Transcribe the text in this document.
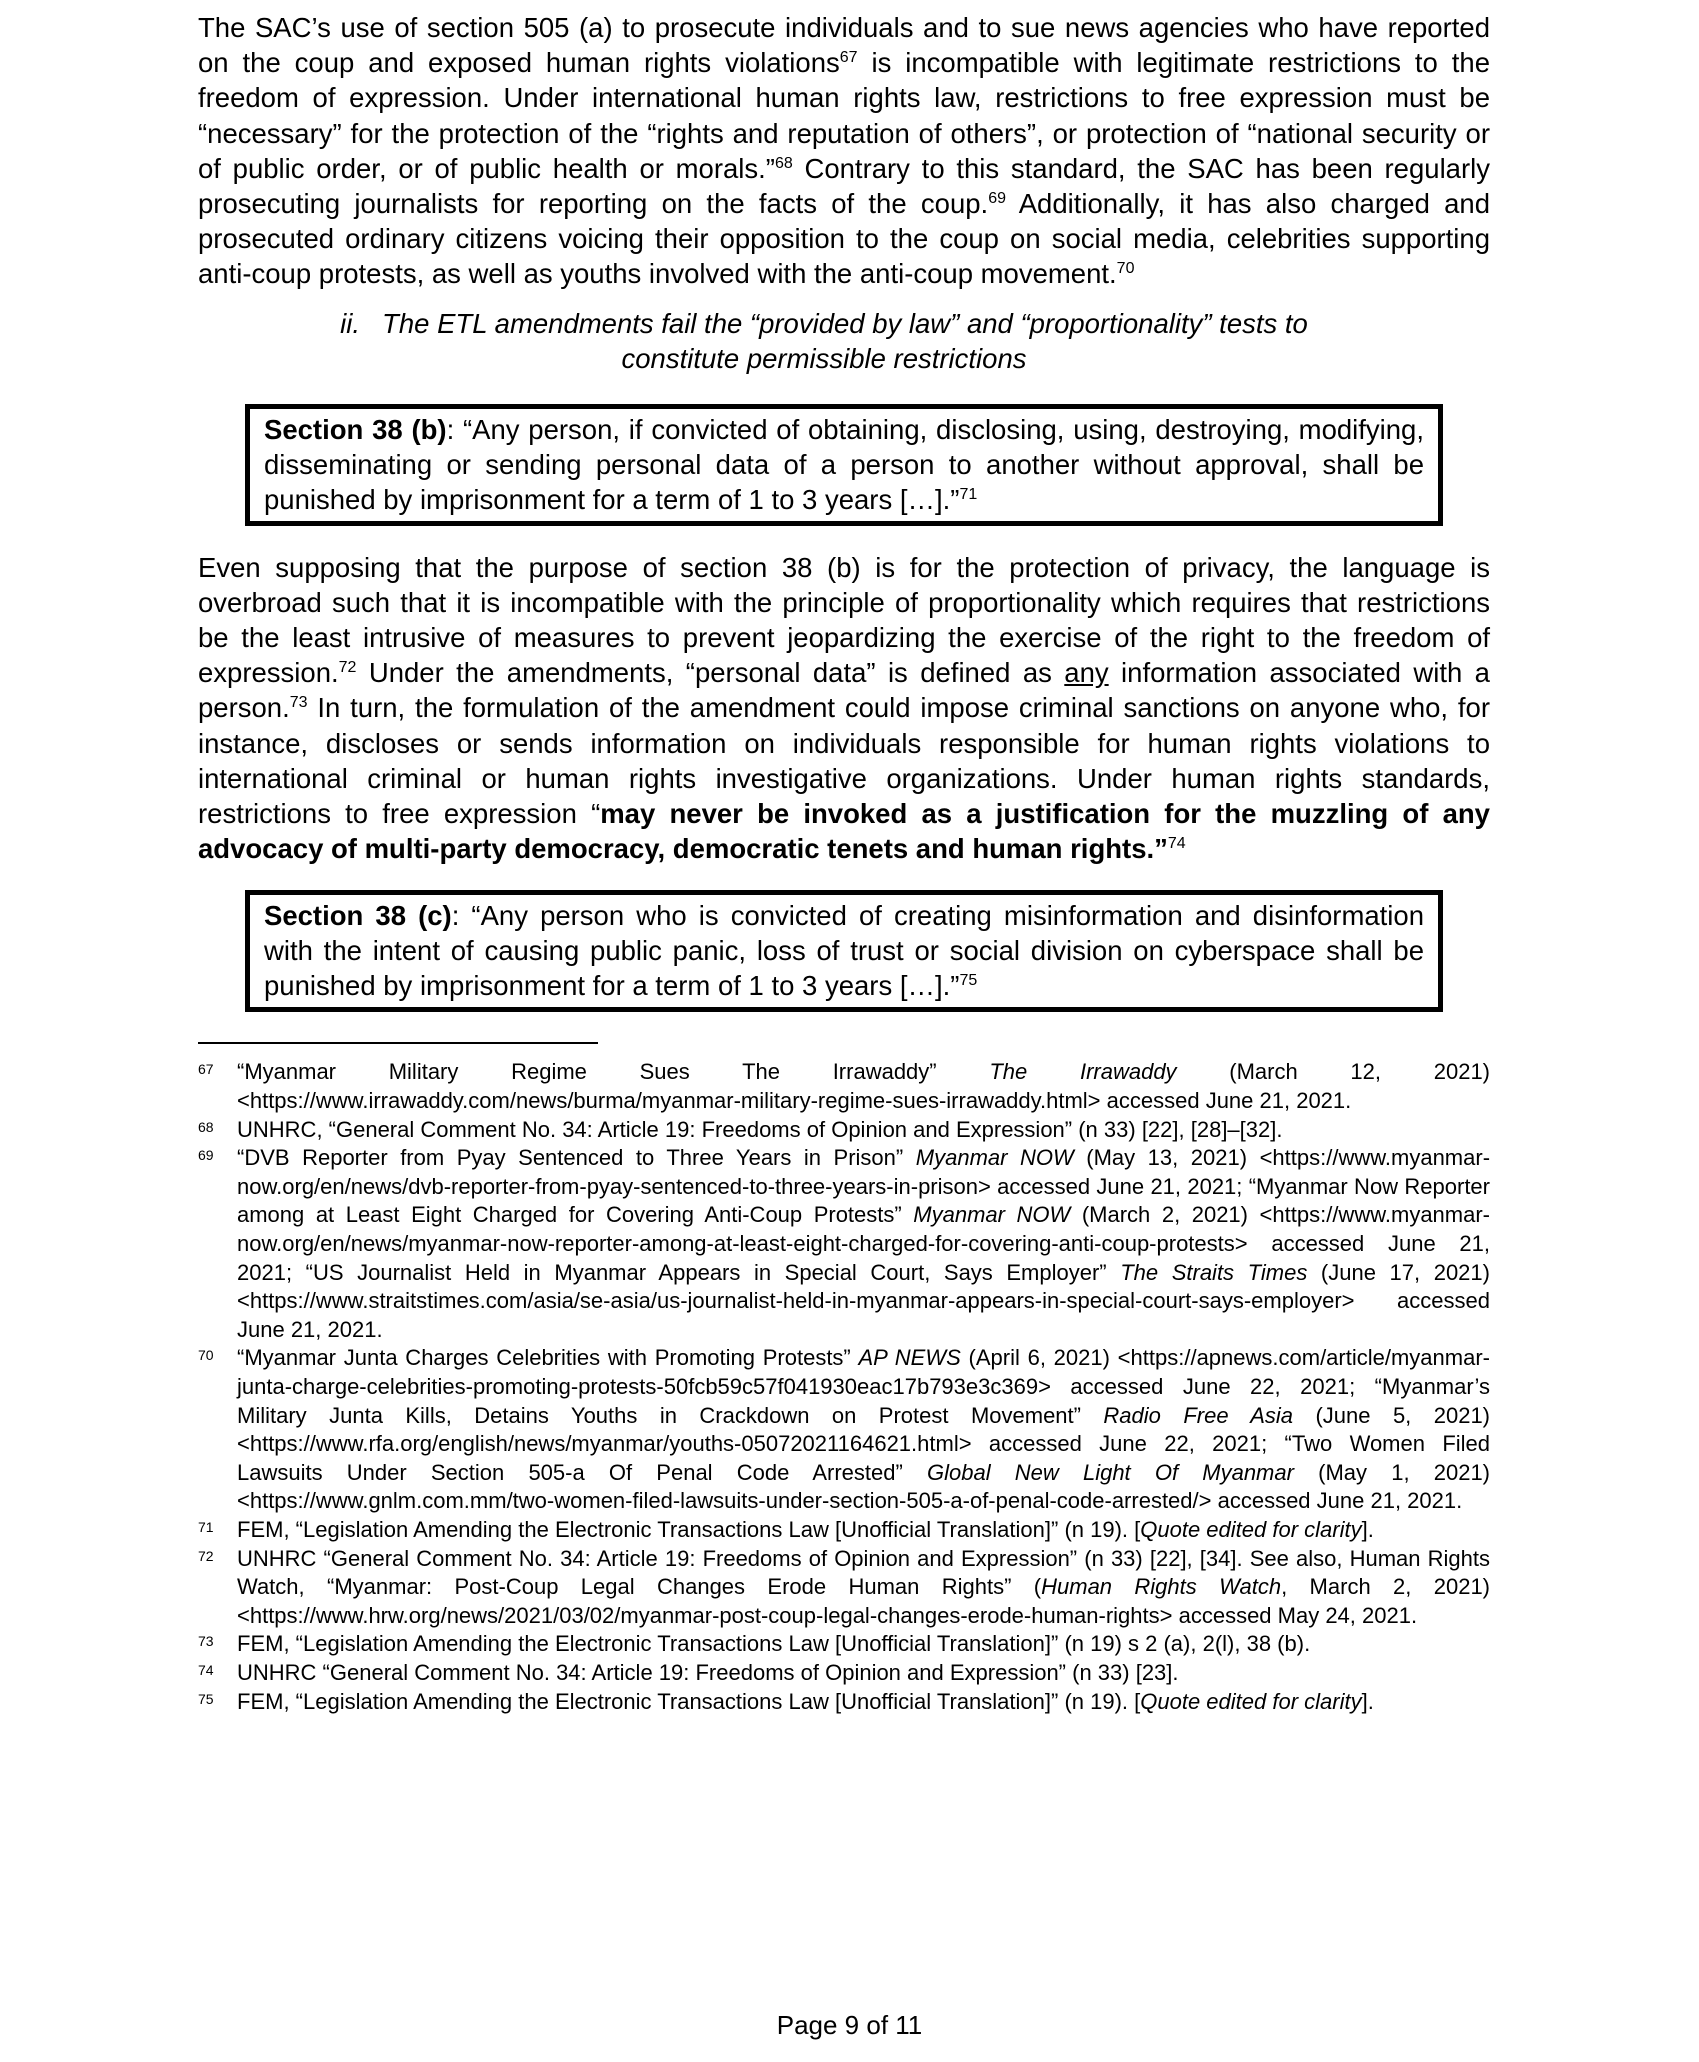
The SAC’s use of section 505 (a) to prosecute individuals and to sue news agencies who have reported on the coup and exposed human rights violations$^{67}$ is incompatible with legitimate restrictions to the freedom of expression. Under international human rights law, restrictions to free expression must be “necessary” for the protection of the “rights and reputation of others”, or protection of “national security or of public order, or of public health or morals.”$^{68}$ Contrary to this standard, the SAC has been regularly prosecuting journalists for reporting on the facts of the coup.$^{69}$ Additionally, it has also charged and prosecuted ordinary citizens voicing their opposition to the coup on social media, celebrities supporting anti-coup protests, as well as youths involved with the anti-coup movement.$^{70}$

ii. The ETL amendments fail the “provided by law” and “proportionality” tests to
constitute permissible restrictions
Section 38 (b): “Any person, if convicted of obtaining, disclosing, using, destroying, modifying, disseminating or sending personal data of a person to another without approval, shall be punished by imprisonment for a term of 1 to 3 years […].”$^{71}$

Even supposing that the purpose of section 38 (b) is for the protection of privacy, the language is overbroad such that it is incompatible with the principle of proportionality which requires that restrictions be the least intrusive of measures to prevent jeopardizing the exercise of the right to the freedom of expression.$^{72}$ Under the amendments, “personal data” is defined as any information associated with a person.$^{73}$ In turn, the formulation of the amendment could impose criminal sanctions on anyone who, for instance, discloses or sends information on individuals responsible for human rights violations to international criminal or human rights investigative organizations. Under human rights standards, restrictions to free expression “may never be invoked as a justification for the muzzling of any advocacy of multi-party democracy, democratic tenets and human rights.”$^{74}$

Section 38 (c): “Any person who is convicted of creating misinformation and disinformation with the intent of causing public panic, loss of trust or social division on cyberspace shall be punished by imprisonment for a term of 1 to 3 years […].”$^{75}$
67	“Myanmar Military Regime Sues The Irrawaddy” The Irrawaddy (March 12, 2021) <https://www.irrawaddy.com/news/burma/myanmar-military-regime-sues-irrawaddy.html> accessed June 21, 2021.
68	UNHRC, “General Comment No. 34: Article 19: Freedoms of Opinion and Expression” (n 33) [22], [28]–[32].
69	“DVB Reporter from Pyay Sentenced to Three Years in Prison” Myanmar NOW (May 13, 2021) <https://www.myanmar-now.org/en/news/dvb-reporter-from-pyay-sentenced-to-three-years-in-prison> accessed June 21, 2021; “Myanmar Now Reporter among at Least Eight Charged for Covering Anti-Coup Protests” Myanmar NOW (March 2, 2021) <https://www.myanmar-now.org/en/news/myanmar-now-reporter-among-at-least-eight-charged-for-covering-anti-coup-protests> accessed June 21, 2021; “US Journalist Held in Myanmar Appears in Special Court, Says Employer” The Straits Times (June 17, 2021) <https://www.straitstimes.com/asia/se-asia/us-journalist-held-in-myanmar-appears-in-special-court-says-employer> accessed June 21, 2021.
70	“Myanmar Junta Charges Celebrities with Promoting Protests” AP NEWS (April 6, 2021) <https://apnews.com/article/myanmar-junta-charge-celebrities-promoting-protests-50fcb59c57f041930eac17b793e3c369> accessed June 22, 2021; “Myanmar’s Military Junta Kills, Detains Youths in Crackdown on Protest Movement” Radio Free Asia (June 5, 2021) <https://www.rfa.org/english/news/myanmar/youths-05072021164621.html> accessed June 22, 2021; “Two Women Filed Lawsuits Under Section 505-a Of Penal Code Arrested” Global New Light Of Myanmar (May 1, 2021) <https://www.gnlm.com.mm/two-women-filed-lawsuits-under-section-505-a-of-penal-code-arrested/> accessed June 21, 2021.
71	FEM, “Legislation Amending the Electronic Transactions Law [Unofficial Translation]” (n 19). [Quote edited for clarity].
72	UNHRC “General Comment No. 34: Article 19: Freedoms of Opinion and Expression” (n 33) [22], [34]. See also, Human Rights Watch, “Myanmar: Post-Coup Legal Changes Erode Human Rights” (Human Rights Watch, March 2, 2021) <https://www.hrw.org/news/2021/03/02/myanmar-post-coup-legal-changes-erode-human-rights> accessed May 24, 2021.
73	FEM, “Legislation Amending the Electronic Transactions Law [Unofficial Translation]” (n 19) s 2 (a), 2(l), 38 (b).
74	UNHRC “General Comment No. 34: Article 19: Freedoms of Opinion and Expression” (n 33) [23].
75	FEM, “Legislation Amending the Electronic Transactions Law [Unofficial Translation]” (n 19). [Quote edited for clarity].
Page 9 of 11
